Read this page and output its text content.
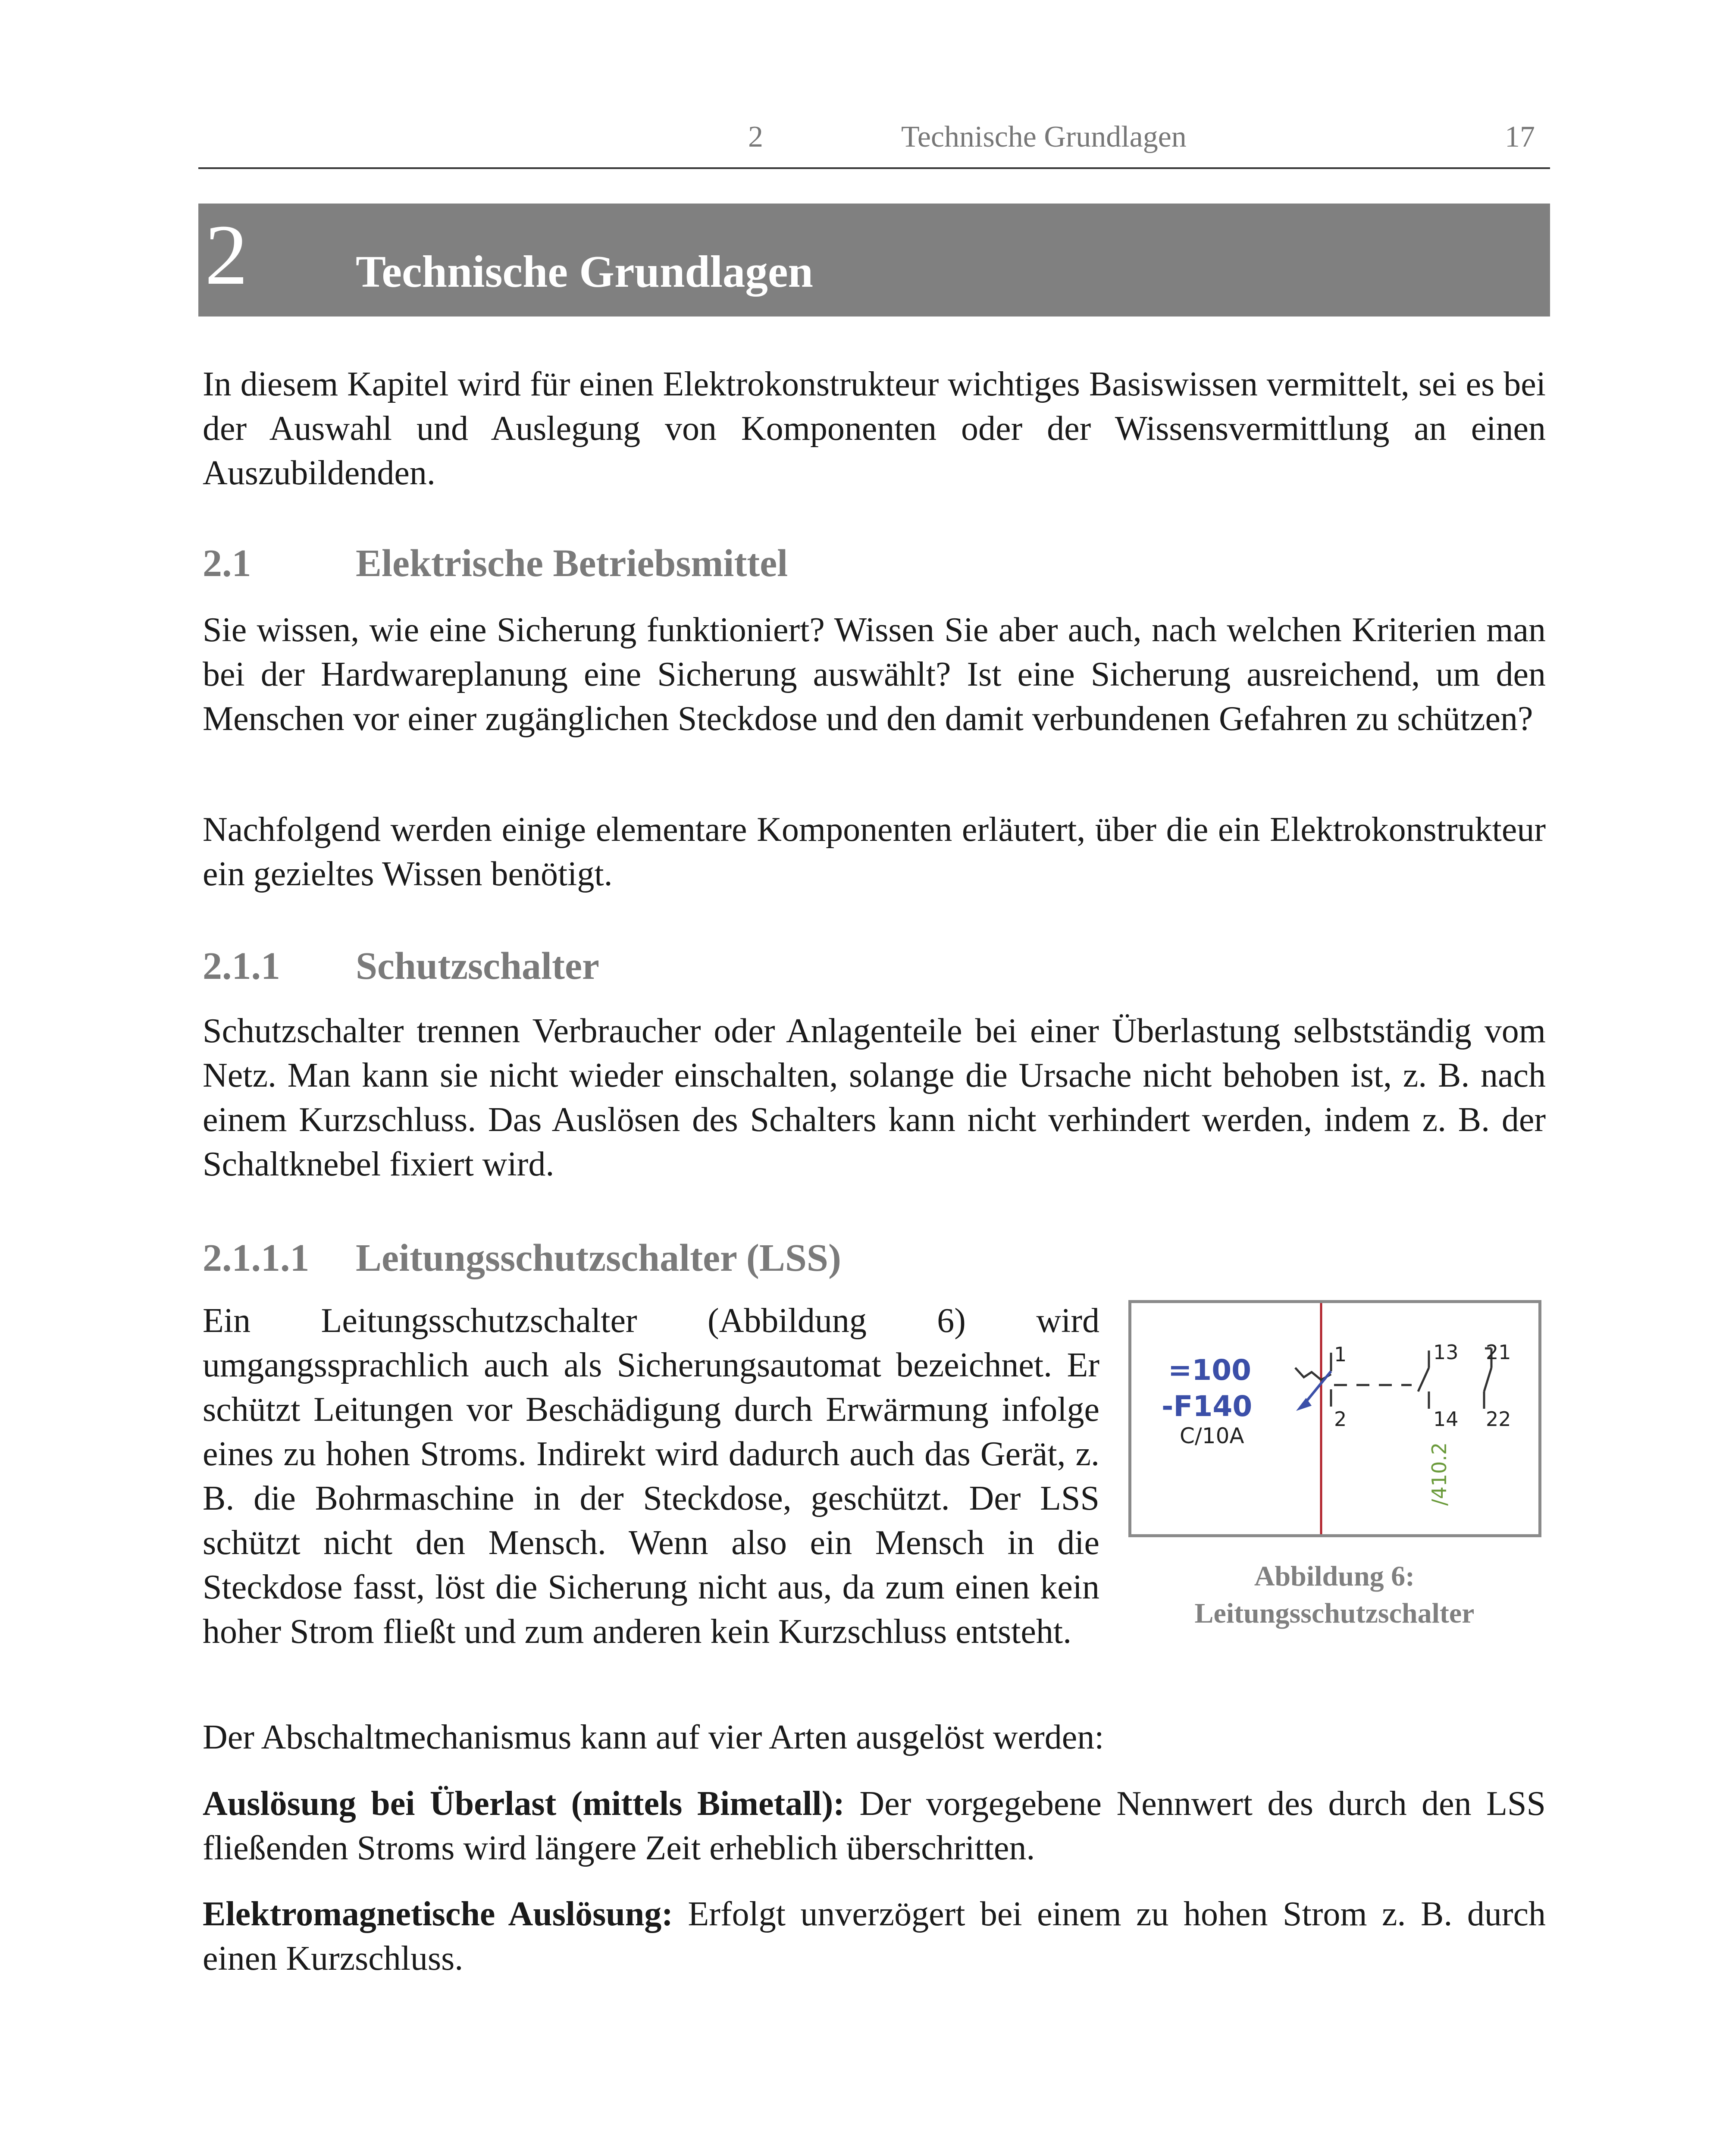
2	Technische Grundlagen	17
2 Technische Grundlagen
In diesem Kapitel wird für einen Elektrokonstrukteur wichtiges Basiswissen vermittelt, sei es bei der Auswahl und Auslegung von Komponenten oder der Wissensvermittlung an einen Auszubildenden.
2.1	Elektrische Betriebsmittel
Sie wissen, wie eine Sicherung funktioniert? Wissen Sie aber auch, nach welchen Kriterien man bei der Hardwareplanung eine Sicherung auswählt? Ist eine Sicherung ausreichend, um den Menschen vor einer zugänglichen Steckdose und den damit verbundenen Gefahren zu schützen?
Nachfolgend werden einige elementare Komponenten erläutert, über die ein Elektrokonstrukteur ein gezieltes Wissen benötigt.
2.1.1 Schutzschalter
Schutzschalter trennen Verbraucher oder Anlagenteile bei einer Überlastung selbstständig vom Netz. Man kann sie nicht wieder einschalten, solange die Ursache nicht behoben ist, z. B. nach einem Kurzschluss. Das Auslösen des Schalters kann nicht verhindert werden, indem z. B. der Schaltknebel fixiert wird.
2.1.1.1 Leitungsschutzschalter (LSS)
Ein Leitungsschutzschalter (Abbildung 6) wird umgangssprachlich auch als Sicherungsautomat bezeichnet. Er schützt Leitungen vor Beschädigung durch Erwärmung infolge eines zu hohen Stroms. Indirekt wird dadurch auch das Gerät, z. B. die Bohrmaschine in der Steckdose, geschützt. Der LSS schützt nicht den Mensch. Wenn also ein Mensch in die Steckdose fasst, löst die Sicherung nicht aus, da zum einen kein hoher Strom fließt und zum anderen kein Kurzschluss entsteht.
=100
-F140
C/10A
1
2
13
14
21
22
/410.2
Abbildung 6: Leitungsschutzschalter
Der Abschaltmechanismus kann auf vier Arten ausgelöst werden:
Auslösung bei Überlast (mittels Bimetall): Der vorgegebene Nennwert des durch den LSS fließenden Stroms wird längere Zeit erheblich überschritten.
Elektromagnetische Auslösung: Erfolgt unverzögert bei einem zu hohen Strom z. B. durch einen Kurzschluss.
